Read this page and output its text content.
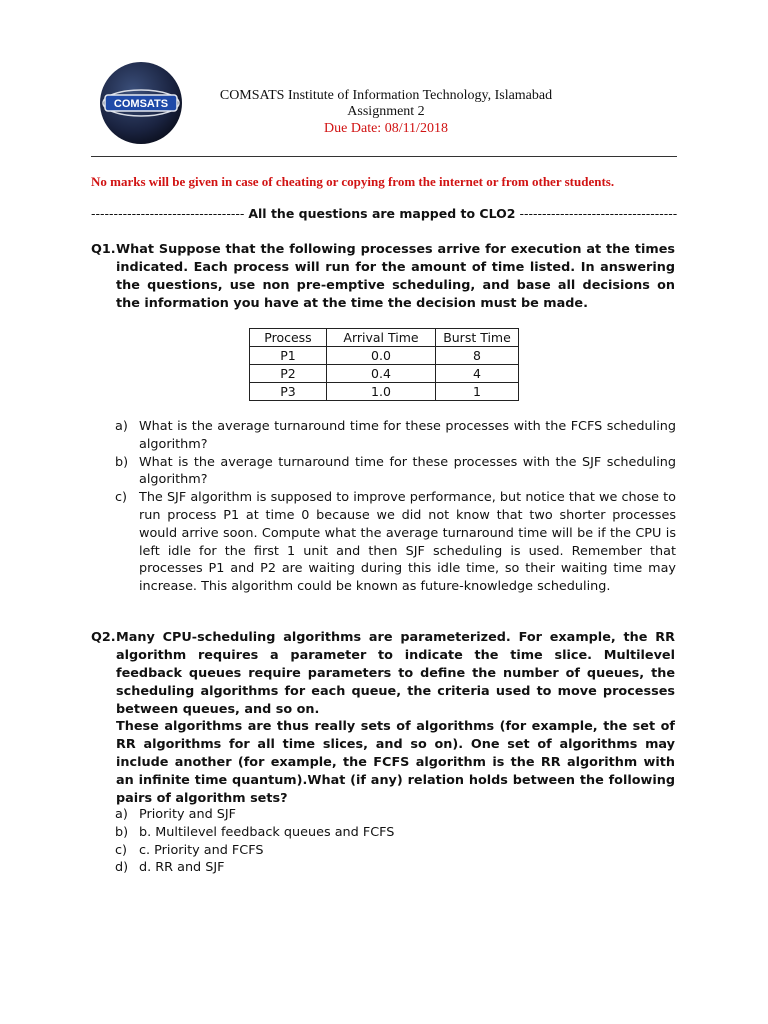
COMSATS
COMSATS Institute of Information Technology, Islamabad
Assignment 2
Due Date: 08/11/2018
No marks will be given in case of cheating or copying from the internet or from other students.
---------------------------------- All the questions are mapped to CLO2 -----------------------------------
Q1. What Suppose that the following processes arrive for execution at the times indicated. Each process will run for the amount of time listed. In answering the questions, use non pre-emptive scheduling, and base all decisions on the information you have at the time the decision must be made.
Process	Arrival Time	Burst Time
P1	0.0	8
P2	0.4	4
P3	1.0	1
a) What is the average turnaround time for these processes with the FCFS scheduling algorithm?
b) What is the average turnaround time for these processes with the SJF scheduling algorithm?
c) The SJF algorithm is supposed to improve performance, but notice that we chose to run process P1 at time 0 because we did not know that two shorter processes would arrive soon. Compute what the average turnaround time will be if the CPU is left idle for the first 1 unit and then SJF scheduling is used. Remember that processes P1 and P2 are waiting during this idle time, so their waiting time may increase. This algorithm could be known as future-knowledge scheduling.
Q2. Many CPU-scheduling algorithms are parameterized. For example, the RR algorithm requires a parameter to indicate the time slice. Multilevel feedback queues require parameters to define the number of queues, the scheduling algorithms for each queue, the criteria used to move processes between queues, and so on.
These algorithms are thus really sets of algorithms (for example, the set of RR algorithms for all time slices, and so on). One set of algorithms may include another (for example, the FCFS algorithm is the RR algorithm with an infinite time quantum).What (if any) relation holds between the following pairs of algorithm sets?
a) Priority and SJF
b) b. Multilevel feedback queues and FCFS
c) c. Priority and FCFS
d) d. RR and SJF
